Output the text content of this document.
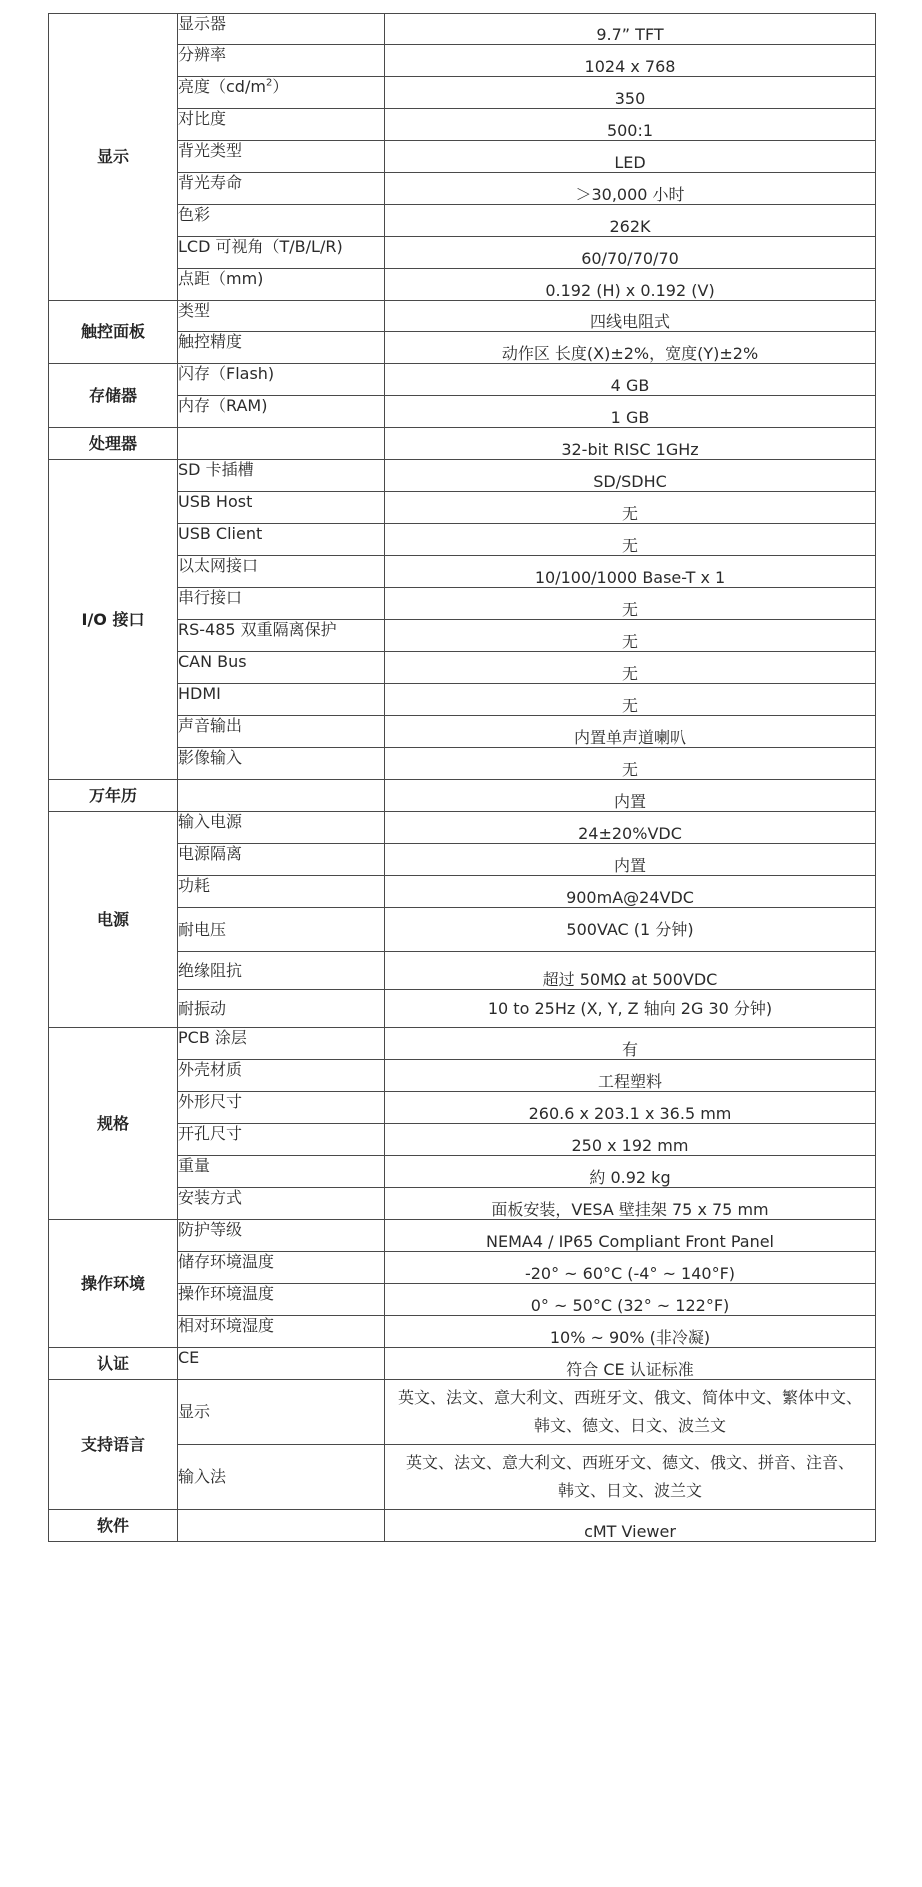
显示	显示器	9.7” TFT
	分辨率	1024 x 768
	亮度$(cd/m^2)$	350
	对比度	500:1
	背光类型	LED
	背光寿命	＞30,000 小时
	色彩	262K
	LCD 可视角（T/B/L/R)	60/70/70/70
	点距（mm)	0.192 (H) x 0.192 (V)
触控面板	类型	四线电阻式
	触控精度	动作区 长度(X)±2%，宽度(Y)±2%
存储器	闪存（Flash)	4 GB
	内存（RAM)	1 GB
处理器		32-bit RISC 1GHz
I/O 接口	SD 卡插槽	SD/SDHC
	USB Host	无
	USB Client	无
	以太网接口	10/100/1000 Base-T x 1
	串行接口	无
	RS-485 双重隔离保护	无
	CAN Bus	无
	HDMI	无
	声音输出	内置单声道喇叭
	影像输入	无
万年历		内置
电源	输入电源	24±20%VDC
	电源隔离	内置
	功耗	900mA@24VDC
	耐电压	500VAC (1 分钟)
	绝缘阻抗	超过 50MΩ at 500VDC
	耐振动	10 to 25Hz (X, Y, Z 轴向 2G 30 分钟)
规格	PCB 涂层	有
	外壳材质	工程塑料
	外形尺寸	260.6 x 203.1 x 36.5 mm
	开孔尺寸	250 x 192 mm
	重量	約 0.92 kg
	安装方式	面板安装，VESA 壁挂架 75 x 75 mm
操作环境	防护等级	NEMA4 / IP65 Compliant Front Panel
	储存环境温度	-20° ~ 60°C (-4° ~ 140°F)
	操作环境温度	0° ~ 50°C (32° ~ 122°F)
	相对环境湿度	10% ~ 90% (非冷凝)
认证	CE	符合 CE 认证标准
支持语言	显示	英文、法文、意大利文、西班牙文、俄文、简体中文、繁体中文、
韩文、德文、日文、波兰文

	输入法	英文、法文、意大利文、西班牙文、德文、俄文、拼音、注音、
韩文、日文、波兰文

软件		cMT Viewer
